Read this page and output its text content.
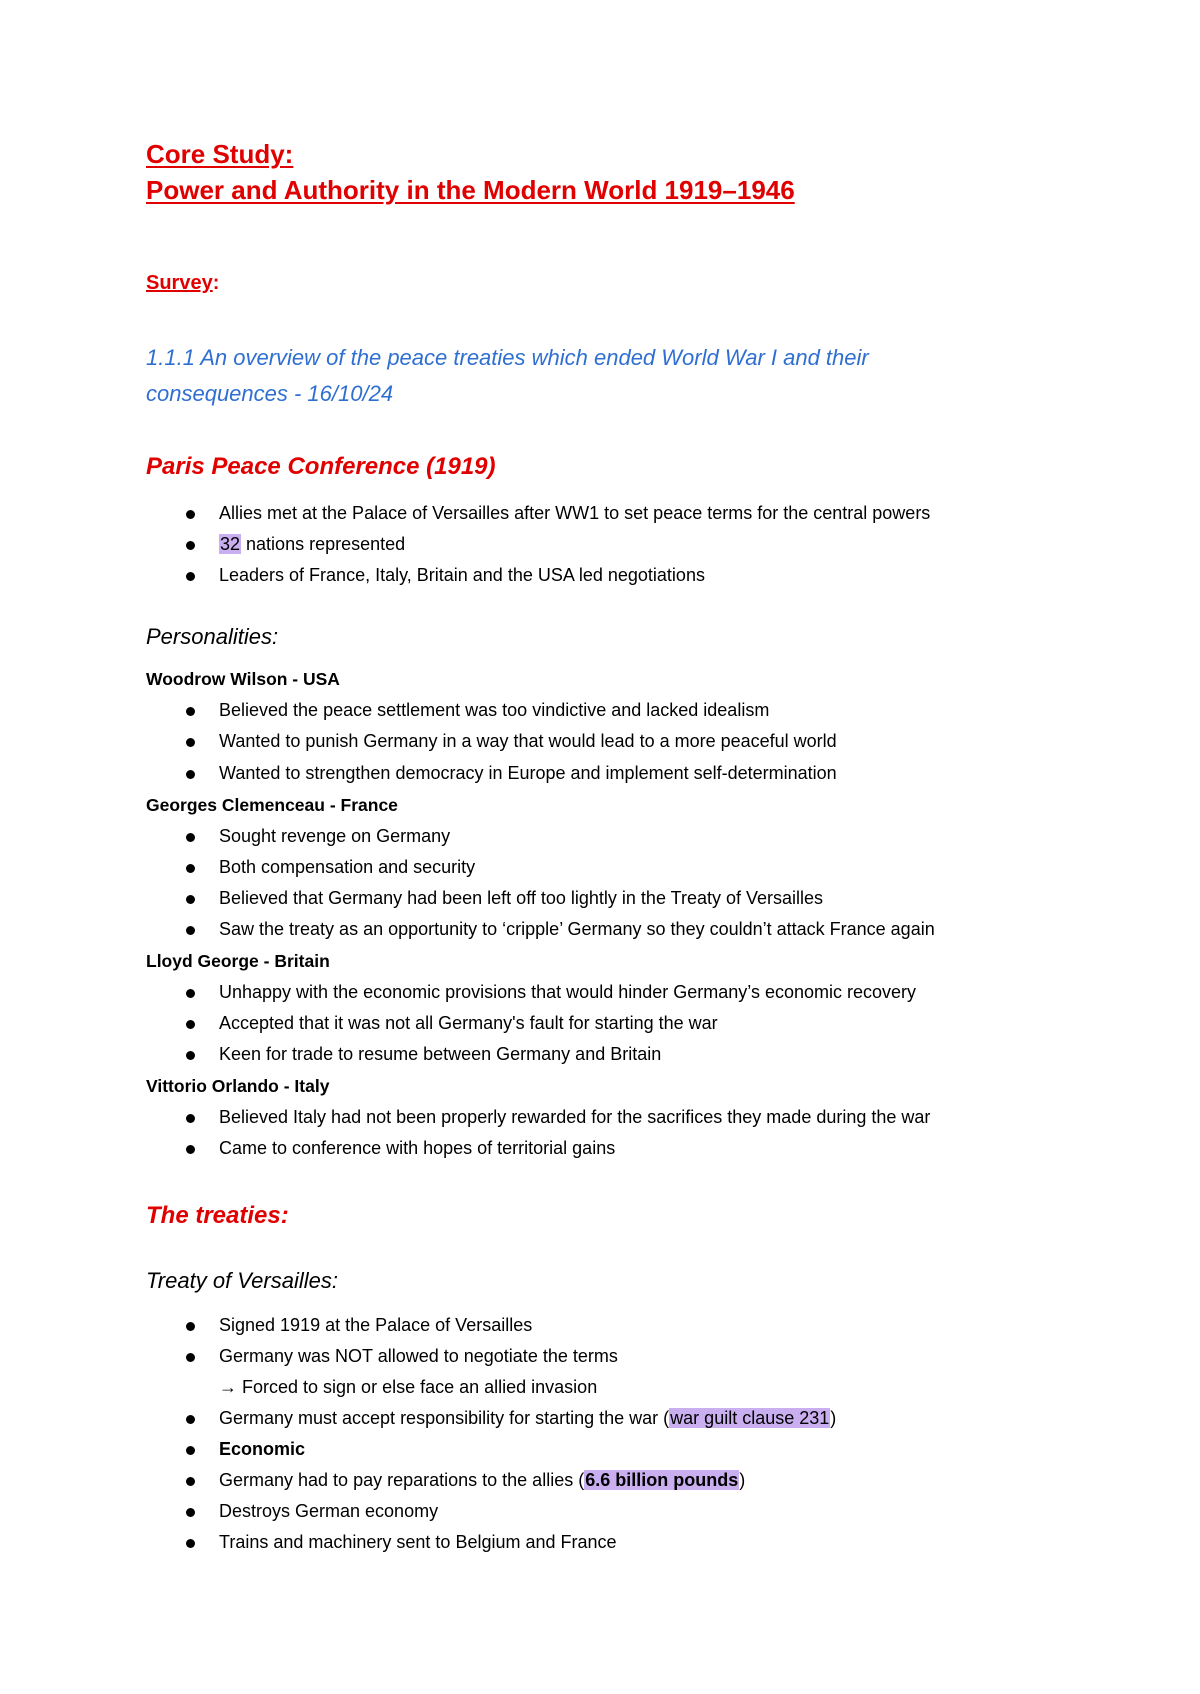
Core Study:
Power and Authority in the Modern World 1919–1946
Survey:
1.1.1 An overview of the peace treaties which ended World War I and their
consequences - 16/10/24
Paris Peace Conference (1919)
Allies met at the Palace of Versailles after WW1 to set peace terms for the central powers
32 nations represented
Leaders of France, Italy, Britain and the USA led negotiations
Personalities:
Woodrow Wilson - USA
Believed the peace settlement was too vindictive and lacked idealism
Wanted to punish Germany in a way that would lead to a more peaceful world
Wanted to strengthen democracy in Europe and implement self-determination
Georges Clemenceau - France
Sought revenge on Germany
Both compensation and security
Believed that Germany had been left off too lightly in the Treaty of Versailles
Saw the treaty as an opportunity to ‘cripple’ Germany so they couldn’t attack France again
Lloyd George - Britain
Unhappy with the economic provisions that would hinder Germany’s economic recovery
Accepted that it was not all Germany's fault for starting the war
Keen for trade to resume between Germany and Britain
Vittorio Orlando - Italy
Believed Italy had not been properly rewarded for the sacrifices they made during the war
Came to conference with hopes of territorial gains
The treaties:
Treaty of Versailles:
Signed 1919 at the Palace of Versailles
Germany was NOT allowed to negotiate the terms
→ Forced to sign or else face an allied invasion
Germany must accept responsibility for starting the war (war guilt clause 231)
Economic
Germany had to pay reparations to the allies (6.6 billion pounds)
Destroys German economy
Trains and machinery sent to Belgium and France
